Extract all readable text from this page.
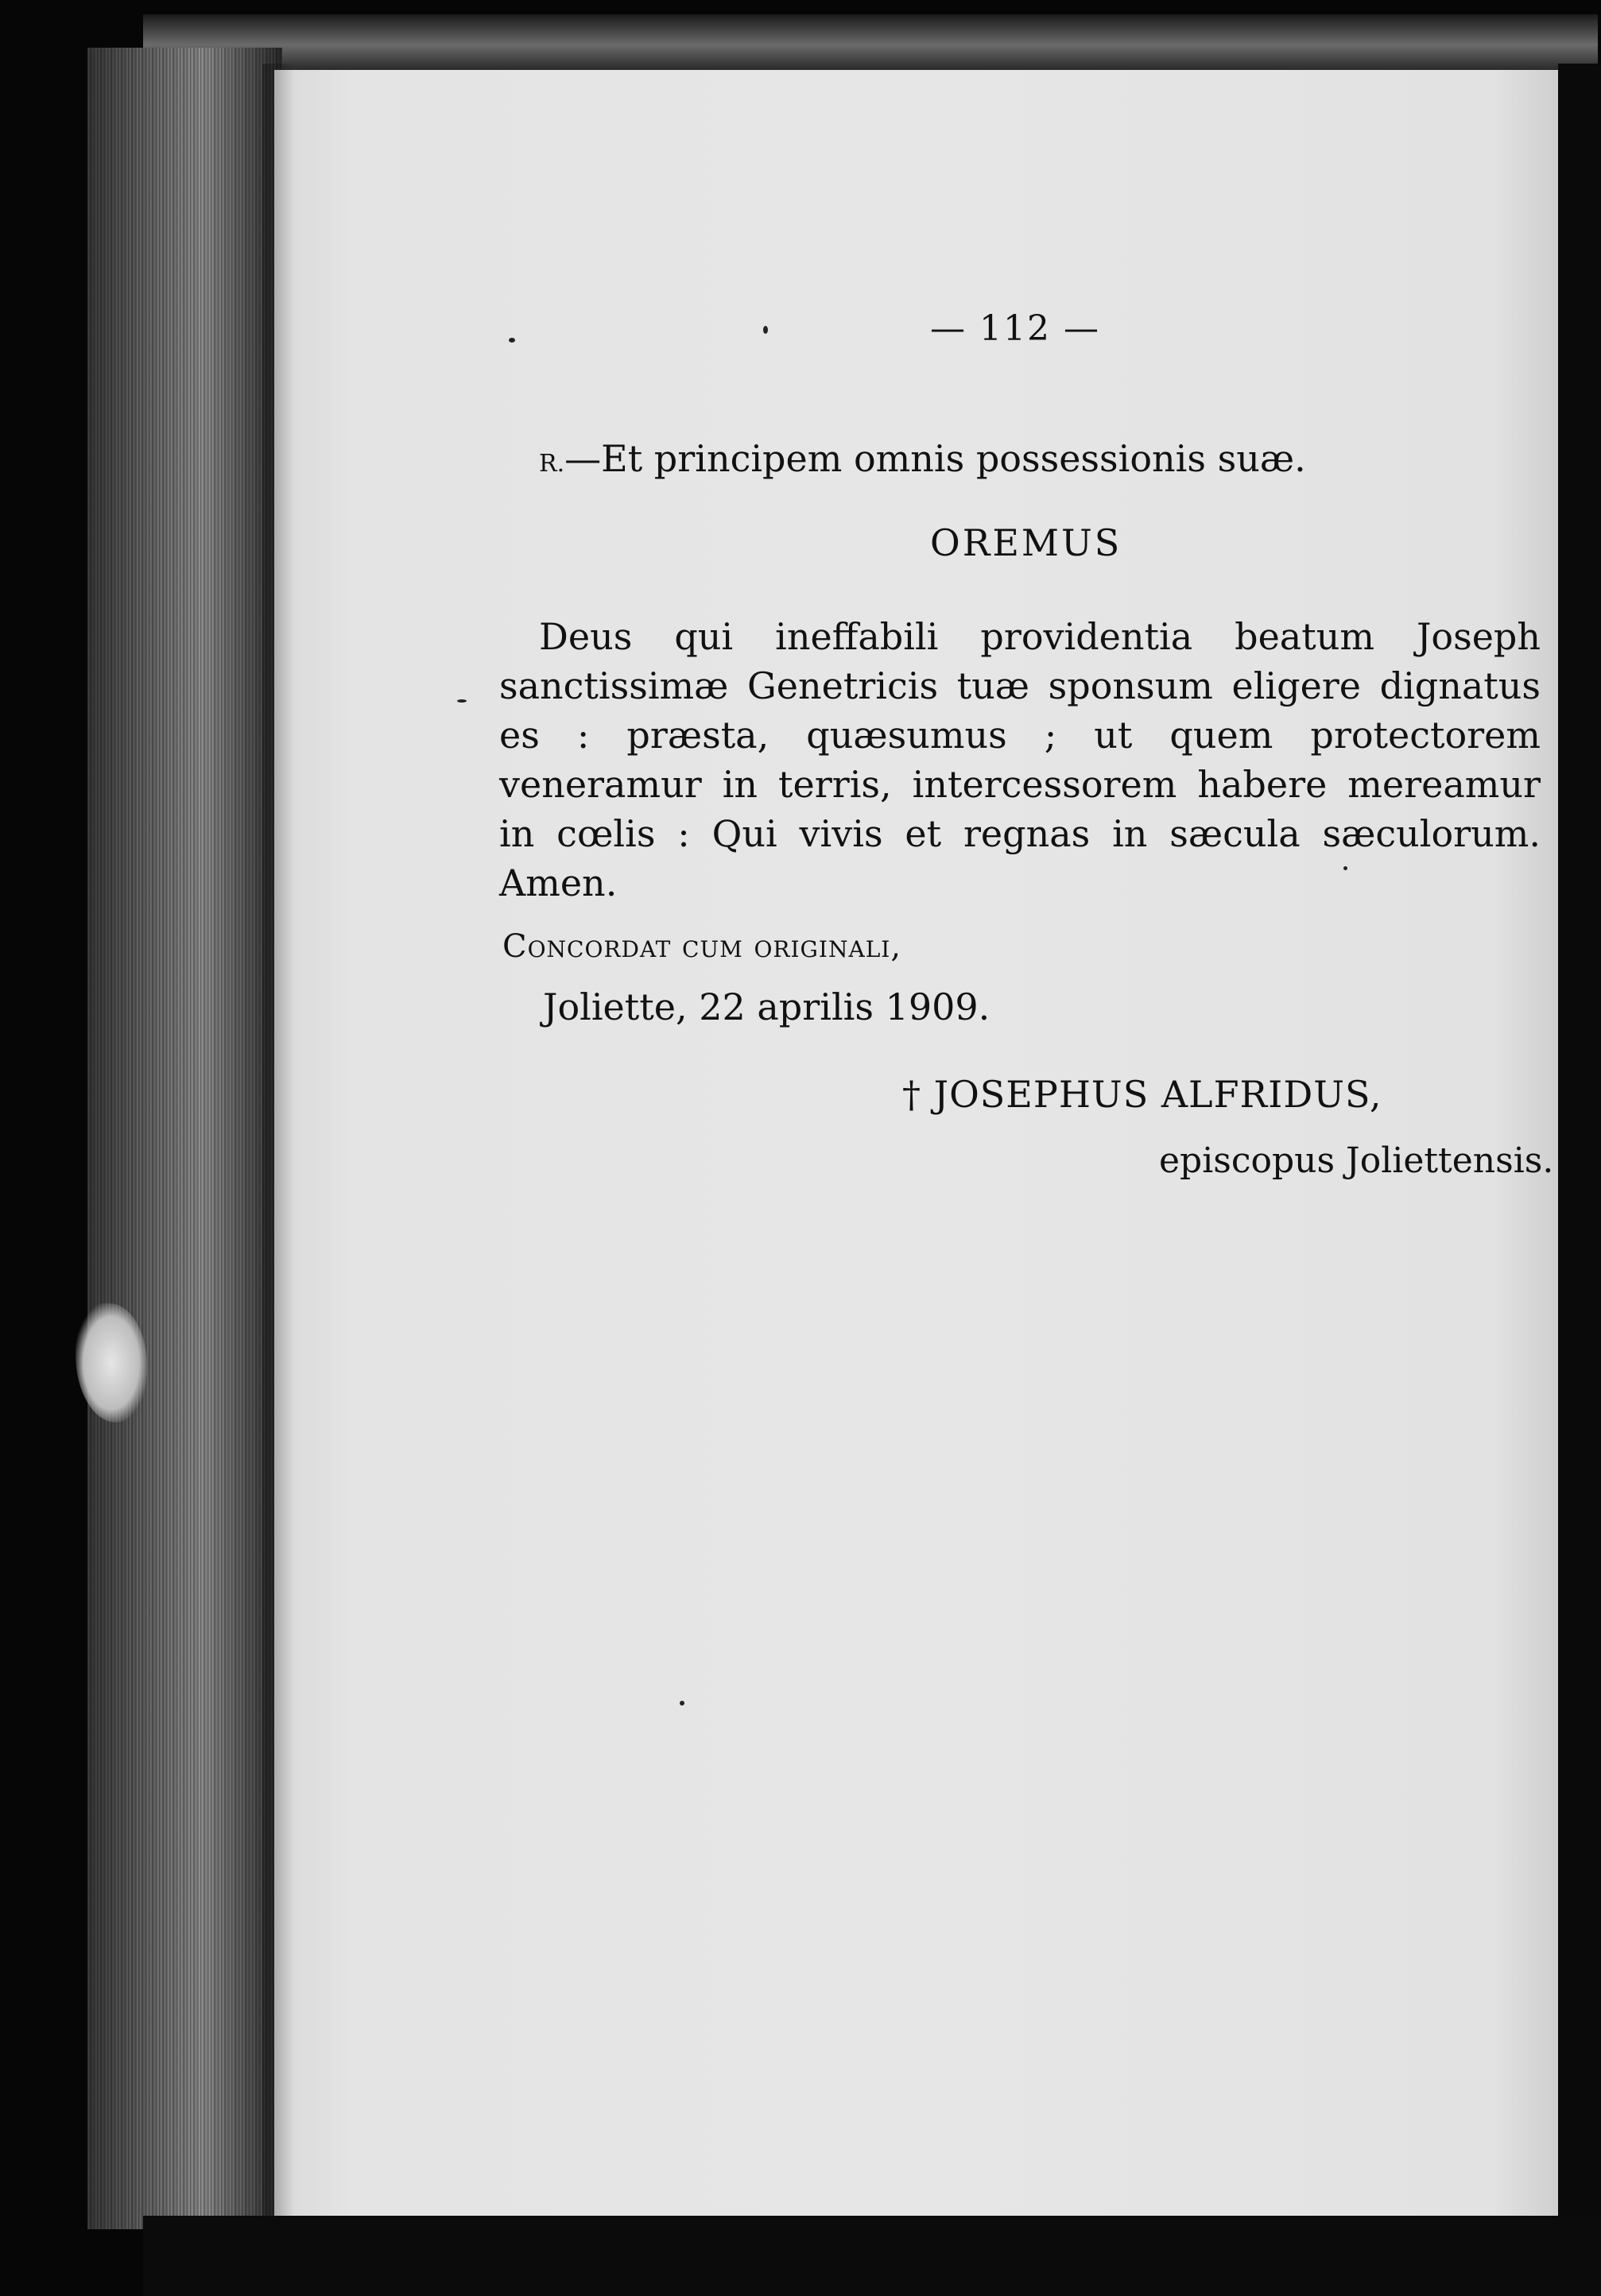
— 112 —
R.—Et principem omnis possessionis suæ.
OREMUS

Deus qui ineffabili providentia beatum Joseph sanctissimæ Genetricis tuæ sponsum eligere dignatus es : præsta, quæsumus ; ut quem protectorem veneramur in terris, intercessorem habere mereamur in cœlis : Qui vivis et regnas in sæcula sæculorum. Amen.

Concordat cum originali,
Joliette, 22 aprilis 1909.
† JOSEPHUS ALFRIDUS,
episcopus Joliettensis.
